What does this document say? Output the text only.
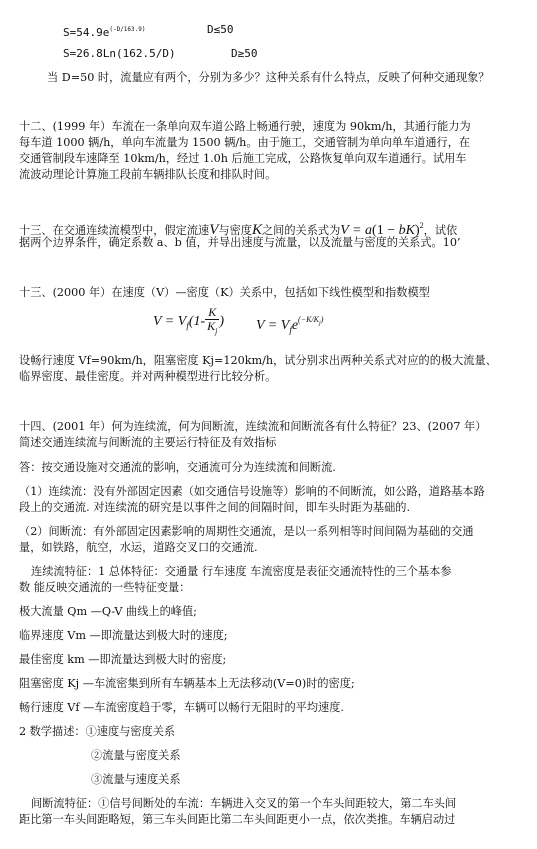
$S=54.9e^{(-D/163.9)}$	D≤50
S=26.8Ln(162.5/D)	D≥50
当 D=50 时，流量应有两个，分别为多少？这种关系有什么特点，反映了何种交通现象？
十二、(1999 年）车流在一条单向双车道公路上畅通行驶，速度为 90km/h，其通行能力为
每车道 1000 辆/h，单向车流量为 1500 辆/h。由于施工，交通管制为单向单车道通行，在
交通管制段车速降至 10km/h，经过 1.0h 后施工完成，公路恢复单向双车道通行。试用车
流波动理论计算施工段前车辆排队长度和排队时间。
十三、在交通连续流模型中，假定流速V与密度K之间的关系式为V = a(1 − bK)$^2$，试依
据两个边界条件，确定系数 a、b 值，并导出速度与流量，以及流量与密度的关系式。10’
十三、(2000 年）在速度（V）—密度（K）关系中，包括如下线性模型和指数模型
$V = V_f(1- \frac{K}{K_j}$ ) $V = V_fe^{(-K/K_j)}$
设畅行速度 Vf=90km/h，阻塞密度 Kj=120km/h，试分别求出两种关系式对应的的极大流量、
临界密度、最佳密度。并对两种模型进行比较分析。
十四、(2001 年）何为连续流，何为间断流，连续流和间断流各有什么特征？23、(2007 年）
简述交通连续流与间断流的主要运行特征及有效指标
答：按交通设施对交通流的影响，交通流可分为连续流和间断流.
（1）连续流：没有外部固定因素（如交通信号设施等）影响的不间断流，如公路，道路基本路
段上的交通流. 对连续流的研究是以事件之间的间隔时间，即车头时距为基础的.
（2）间断流：有外部固定因素影响的周期性交通流，是以一系列相等时间间隔为基础的交通
量，如铁路，航空，水运，道路交叉口的交通流.
连续流特征：1 总体特征：交通量 行车速度 车流密度是表征交通流特性的三个基本参
数 能反映交通流的一些特征变量：
极大流量 Qm —Q-V 曲线上的峰值;
临界速度 Vm —即流量达到极大时的速度;
最佳密度 km —即流量达到极大时的密度;
阻塞密度 Kj —车流密集到所有车辆基本上无法移动(V=0)时的密度;
畅行速度 Vf —车流密度趋于零，车辆可以畅行无阻时的平均速度.
2 数学描述：①速度与密度关系
②流量与密度关系
③流量与速度关系
间断流特征：①信号间断处的车流：车辆进入交叉的第一个车头间距较大，第二车头间
距比第一车头间距略短，第三车头间距比第二车头间距更小一点，依次类推。车辆启动过
